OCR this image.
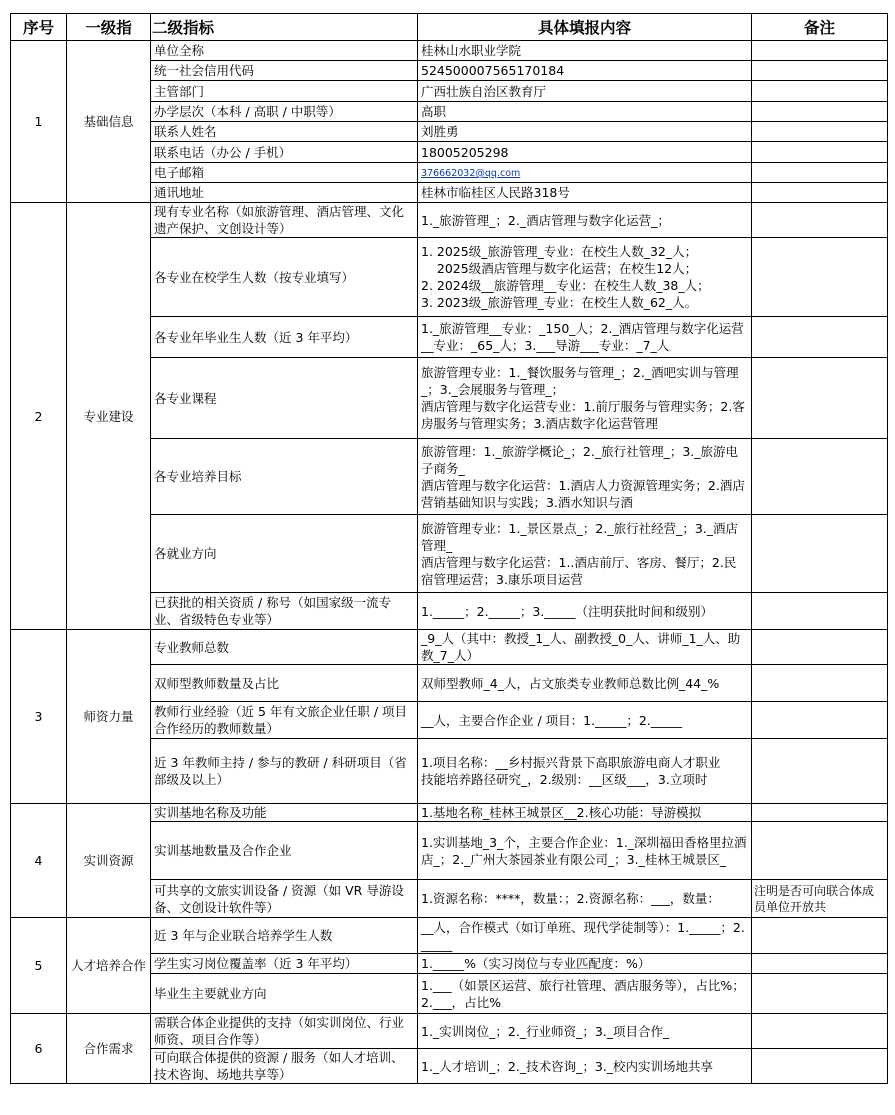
序号	一级指	二级指标	具体填报内容	备注
1	基础信息	单位全称	桂林山水职业学院	
		统一社会信用代码	524500007565170184	
		主管部门	广西壮族自治区教育厅	
		办学层次（本科 / 高职 / 中职等）	高职	
		联系人姓名	刘胜勇	
		联系电话（办公 / 手机）	18005205298	
		电子邮箱	376662032@qq.com	
		通讯地址	桂林市临桂区人民路318号	
2	专业建设	现有专业名称（如旅游管理、酒店管理、文化遗产保护、文创设计等）	1._旅游管理_；2._酒店管理与数字化运营_；	
		各专业在校学生人数（按专业填写）	1. 2025级_旅游管理_专业：在校生人数_32_人；
2025级酒店管理与数字化运营；在校生12人；
2. 2024级__旅游管理__专业：在校生人数_38_人；
3. 2023级_旅游管理_专业：在校生人数_62_人。	
		各专业年毕业生人数（近 3 年平均）	1._旅游管理__专业：_150_人；2._酒店管理与数字化运营__专业：_65_人；3.___导游___专业：_7_人	
		各专业课程	旅游管理专业：1._餐饮服务与管理_；2._酒吧实训与管理_；3._会展服务与管理_；
酒店管理与数字化运营专业：1.前厅服务与管理实务；2.客房服务与管理实务；3.酒店数字化运营管理	
		各专业培养目标	旅游管理：1._旅游学概论_；2._旅行社管理_；3._旅游电子商务_
酒店管理与数字化运营：1.酒店人力资源管理实务；2.酒店营销基础知识与实践；3.酒水知识与酒	
		各就业方向	旅游管理专业：1._景区景点_；2._旅行社经营_；3._酒店管理_
酒店管理与数字化运营：1..酒店前厅、客房、餐厅；2.民宿管理运营；3.康乐项目运营	
		已获批的相关资质 / 称号（如国家级一流专业、省级特色专业等）	1._____；2._____；3._____（注明获批时间和级别）	
3	师资力量	专业教师总数	_9_人（其中：教授_1_人、副教授_0_人、讲师_1_人、助教_7_人）	
		双师型教师数量及占比	双师型教师_4_人，占文旅类专业教师总数比例_44_%	
		教师行业经验（近 5 年有文旅企业任职 / 项目合作经历的教师数量）	__人，主要合作企业 / 项目：1._____；2._____	
		近 3 年教师主持 / 参与的教研 / 科研项目（省部级及以上）	1.项目名称：__乡村振兴背景下高职旅游电商人才职业
技能培养路径研究_，2.级别：__区级___，3.立项时	
4	实训资源	实训基地名称及功能	1.基地名称_桂林王城景区__2.核心功能：导游模拟	
		实训基地数量及合作企业	1.实训基地_3_个，主要合作企业：1._深圳福田香格里拉酒店_；2._广州大茶园茶业有限公司_；3._桂林王城景区_	
		可共享的文旅实训设备 / 资源（如 VR 导游设备、文创设计软件等）	1.资源名称：****，数量：；2.资源名称：___，数量：	注明是否可向联合体成员单位开放共
5	人才培养合作	近 3 年与企业联合培养学生人数	__人，合作模式（如订单班、现代学徒制等）：1._____；2._____	
		学生实习岗位覆盖率（近 3 年平均）	1._____%（实习岗位与专业匹配度：%）	
		毕业生主要就业方向	1.___（如景区运营、旅行社管理、酒店服务等），占比%；2.___，占比%	
6	合作需求	需联合体企业提供的支持（如实训岗位、行业师资、项目合作等）	1._实训岗位_；2._行业师资_；3._项目合作_	
		可向联合体提供的资源 / 服务（如人才培训、技术咨询、场地共享等）	1._人才培训_；2._技术咨询_；3._校内实训场地共享	
